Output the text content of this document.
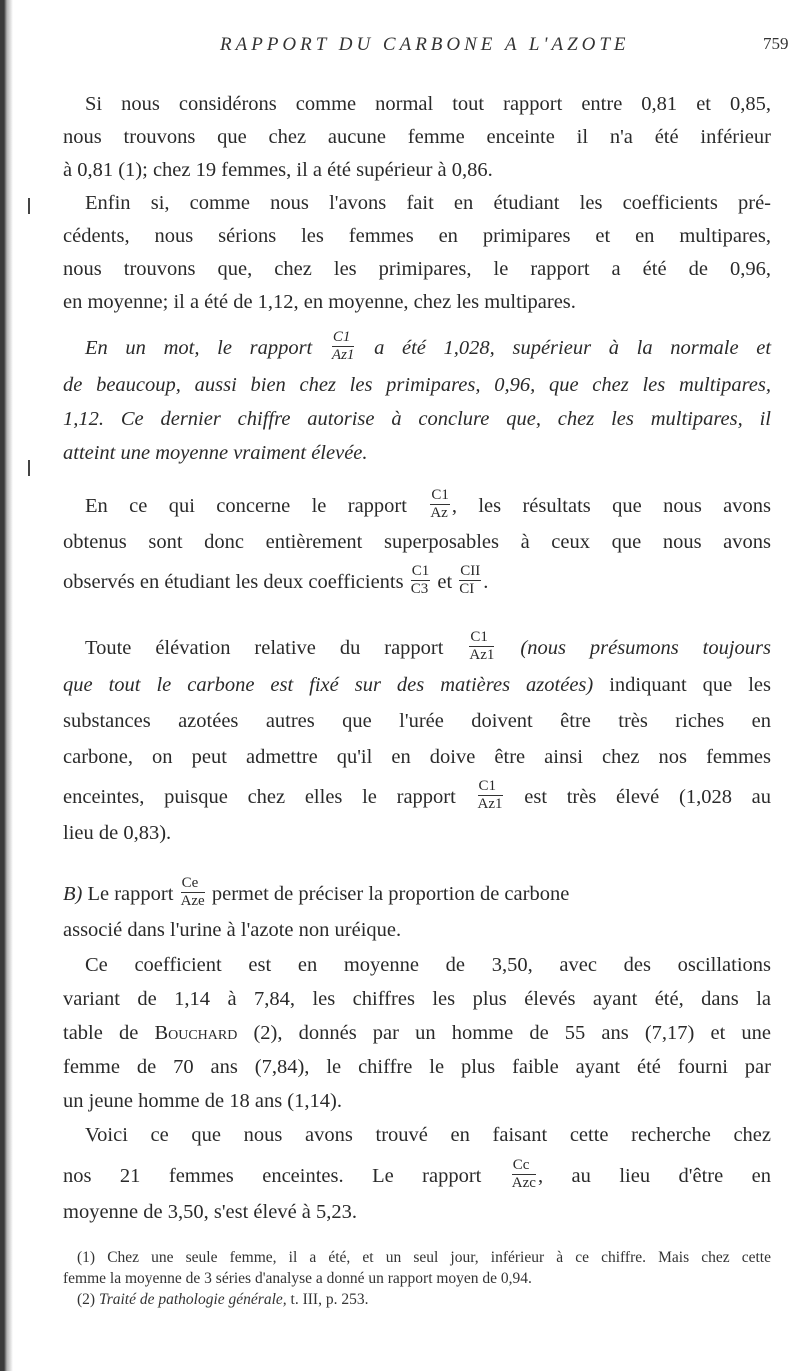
RAPPORT DU CARBONE A L'AZOTE	759
Si nous considérons comme normal tout rapport entre 0,81 et 0,85,
nous trouvons que chez aucune femme enceinte il n'a été inférieur
à 0,81 (1); chez 19 femmes, il a été supérieur à 0,86.
Enfin si, comme nous l'avons fait en étudiant les coefficients pré-
cédents, nous sérions les femmes en primipares et en multipares,
nous trouvons que, chez les primipares, le rapport a été de 0,96,
en moyenne; il a été de 1,12, en moyenne, chez les multipares.
En un mot, le rapport $\frac{C1}{Az1}$ a été 1,028, supérieur à la normale et
de beaucoup, aussi bien chez les primipares, 0,96, que chez les multipares,
1,12. Ce dernier chiffre autorise à conclure que, chez les multipares, il
atteint une moyenne vraiment élevée.
En ce qui concerne le rapport $\frac{C1}{Az}$ , les résultats que nous avons
obtenus sont donc entièrement superposables à ceux que nous avons
observés en étudiant les deux coefficients $\frac{C1}{C3}$ et $\frac{\text{CII}}{CI}$ .
Toute élévation relative du rapport $\frac{C1}{Az1}$ (nous présumons toujours
que tout le carbone est fixé sur des matières azotées) indiquant que les
substances azotées autres que l'urée doivent être très riches en
carbone, on peut admettre qu'il en doive être ainsi chez nos femmes
enceintes, puisque chez elles le rapport $\frac{C1}{Az1}$ est très élevé (1,028 au
lieu de 0,83).
B) Le rapport $\frac{Ce}{\text{Aze}}$ permet de préciser la proportion de carbone
associé dans l'urine à l'azote non uréique.
Ce coefficient est en moyenne de 3,50, avec des oscillations
variant de 1,14 à 7,84, les chiffres les plus élevés ayant été, dans la
table de Bouchard (2), donnés par un homme de 55 ans (7,17) et une
femme de 70 ans (7,84), le chiffre le plus faible ayant été fourni par
un jeune homme de 18 ans (1,14).
Voici ce que nous avons trouvé en faisant cette recherche chez
nos 21 femmes enceintes. Le rapport $\frac{Cc}{\text{Azc}}$ , au lieu d'être en
moyenne de 3,50, s'est élevé à 5,23.
(1) Chez une seule femme, il a été, et un seul jour, inférieur à ce chiffre. Mais chez cette
femme la moyenne de 3 séries d'analyse a donné un rapport moyen de 0,94.
(2) Traité de pathologie générale, t. III, p. 253.
